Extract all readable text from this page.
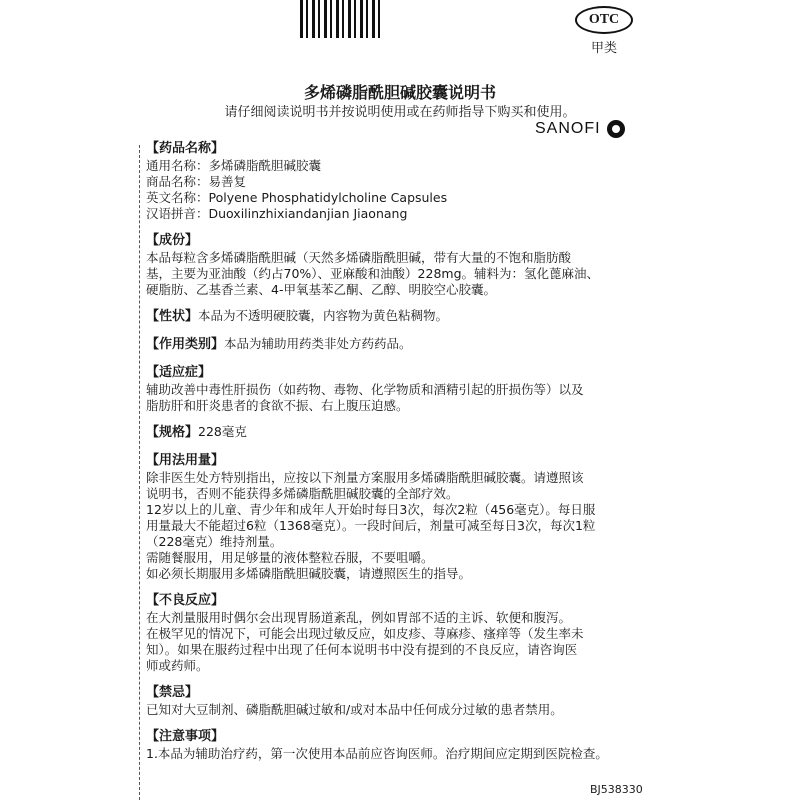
OTC
甲类
多烯磷脂酰胆碱胶囊说明书
请仔细阅读说明书并按说明使用或在药师指导下购买和使用。
SANOFI

【药品名称】

通用名称：多烯磷脂酰胆碱胶囊

商品名称：易善复

英文名称：Polyene Phosphatidylcholine Capsules

汉语拼音：Duoxilinzhixiandanjian Jiaonang

【成份】

本品每粒含多烯磷脂酰胆碱（天然多烯磷脂酰胆碱，带有大量的不饱和脂肪酸

基，主要为亚油酸（约占70%）、亚麻酸和油酸）228mg。辅料为：氢化蓖麻油、

硬脂肪、乙基香兰素、4-甲氧基苯乙酮、乙醇、明胶空心胶囊。

【性状】本品为不透明硬胶囊，内容物为黄色粘稠物。

【作用类别】本品为辅助用药类非处方药药品。

【适应症】

辅助改善中毒性肝损伤（如药物、毒物、化学物质和酒精引起的肝损伤等）以及

脂肪肝和肝炎患者的食欲不振、右上腹压迫感。

【规格】228毫克

【用法用量】

除非医生处方特别指出，应按以下剂量方案服用多烯磷脂酰胆碱胶囊。请遵照该

说明书，否则不能获得多烯磷脂酰胆碱胶囊的全部疗效。

12岁以上的儿童、青少年和成年人开始时每日3次，每次2粒（456毫克）。每日服

用量最大不能超过6粒（1368毫克）。一段时间后，剂量可减至每日3次，每次1粒

（228毫克）维持剂量。

需随餐服用，用足够量的液体整粒吞服，不要咀嚼。

如必须长期服用多烯磷脂酰胆碱胶囊，请遵照医生的指导。

【不良反应】

在大剂量服用时偶尔会出现胃肠道紊乱，例如胃部不适的主诉、软便和腹泻。

在极罕见的情况下，可能会出现过敏反应，如皮疹、荨麻疹、瘙痒等（发生率未

知）。如果在服药过程中出现了任何本说明书中没有提到的不良反应，请咨询医

师或药师。

【禁忌】

已知对大豆制剂、磷脂酰胆碱过敏和/或对本品中任何成分过敏的患者禁用。

【注意事项】

1.本品为辅助治疗药，第一次使用本品前应咨询医师。治疗期间应定期到医院检查。

BJ538330
